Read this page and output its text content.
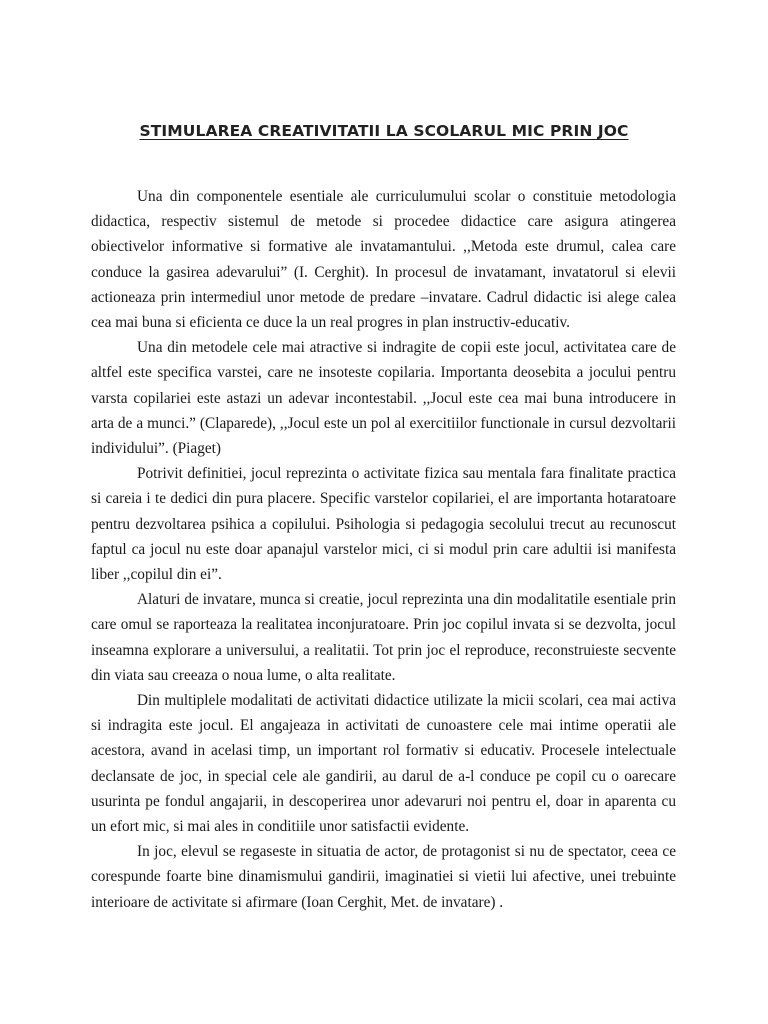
STIMULAREA CREATIVITATII LA SCOLARUL MIC PRIN JOC

Una din componentele esentiale ale curriculumului scolar o constituie metodologia didactica, respectiv sistemul de metode si procedee didactice care asigura atingerea obiectivelor informative si formative ale invatamantului. ,,Metoda este drumul, calea care conduce la gasirea adevarului” (I. Cerghit). In procesul de invatamant, invatatorul si elevii actioneaza prin intermediul unor metode de predare –invatare. Cadrul didactic isi alege calea cea mai buna si eficienta ce duce la un real progres in plan instructiv-educativ.

Una din metodele cele mai atractive si indragite de copii este jocul, activitatea care de altfel este specifica varstei, care ne insoteste copilaria. Importanta deosebita a jocului pentru varsta copilariei este astazi un adevar incontestabil. ,,Jocul este cea mai buna introducere in arta de a munci.” (Claparede), ,,Jocul este un pol al exercitiilor functionale in cursul dezvoltarii individului”. (Piaget)

Potrivit definitiei, jocul reprezinta o activitate fizica sau mentala fara finalitate practica si careia i te dedici din pura placere. Specific varstelor copilariei, el are importanta hotaratoare pentru dezvoltarea psihica a copilului. Psihologia si pedagogia secolului trecut au recunoscut faptul ca jocul nu este doar apanajul varstelor mici, ci si modul prin care adultii isi manifesta liber ,,copilul din ei”.

Alaturi de invatare, munca si creatie, jocul reprezinta una din modalitatile esentiale prin care omul se raporteaza la realitatea inconjuratoare. Prin joc copilul invata si se dezvolta, jocul inseamna explorare a universului, a realitatii. Tot prin joc el reproduce, reconstruieste secvente din viata sau creeaza o noua lume, o alta realitate.

Din multiplele modalitati de activitati didactice utilizate la micii scolari, cea mai activa si indragita este jocul. El angajeaza in activitati de cunoastere cele mai intime operatii ale acestora, avand in acelasi timp, un important rol formativ si educativ. Procesele intelectuale declansate de joc, in special cele ale gandirii, au darul de a-l conduce pe copil cu o oarecare usurinta pe fondul angajarii, in descoperirea unor adevaruri noi pentru el, doar in aparenta cu un efort mic, si mai ales in conditiile unor satisfactii evidente.

In joc, elevul se regaseste in situatia de actor, de protagonist si nu de spectator, ceea ce corespunde foarte bine dinamismului gandirii, imaginatiei si vietii lui afective, unei trebuinte interioare de activitate si afirmare (Ioan Cerghit, Met. de invatare) .
